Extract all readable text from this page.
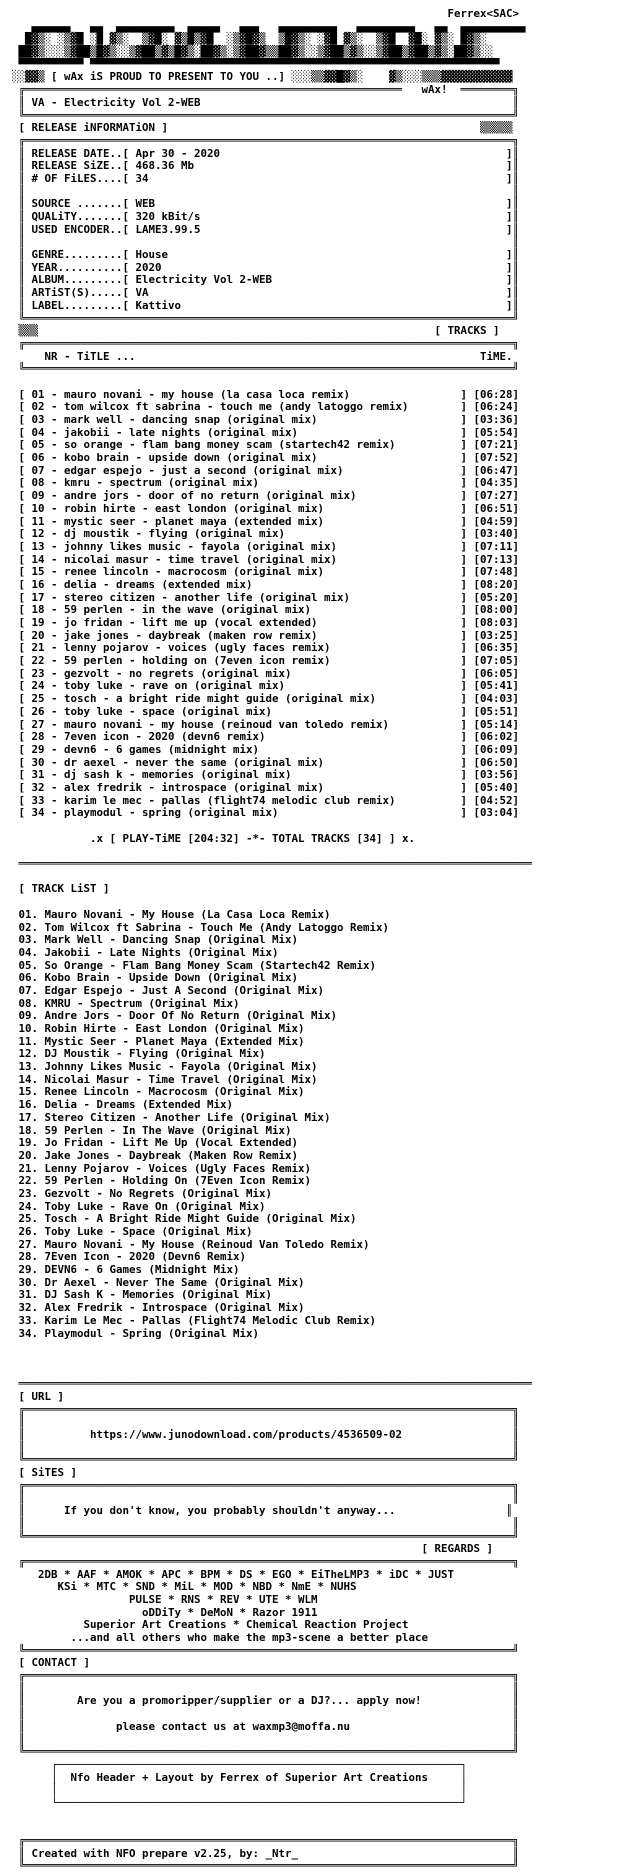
Ferrex<SAC>
▄▄▄▄▄▄   ▄▄  ▄▄▄▄▄▄▄▄▄  ▄▄▄▄▄   ▄▄▄   ▄▄▄▄▄▄▄▄▄   ▄▄▄▄▄▄▄▄▄   ▄▄  ▄▄▄▄▄▄▄▄▄▄
█▓▒░ ░▒▓█ ░█ ▓▒░  ▒▓█░ ▓▒█▒▓█  ░▒▓█▓▒  ▒█▓▒░ ░▓█ ▓▒░  ▒▓█  ▓█░ ▓▒░ █▓▒░
██▓▒░░░▒▓██▒█▓▒░░▒▓██▒▓▒█▓▒░██▓▒░▒▓██▓▒▒██▓▒░░▒▓██▒▓▒░░▒▓██▒▓██▒▓▒░██▓▒░░
▀▀▀▀▀▀▀▀▀▀ ▀▀▀▀▀▀▀▀▀▀▀▀▀▀▀▀▀▀▀▀▀▀▀▀▀▀▀▀▀▀▀▀▀▀▀▀▀▀▀▀▀▀▀▀▀▀▀▀▀▀▀▀▀▀▀▀▀▀▀▀▀▀▀
░░▓▓▒ [ wAx iS PROUD TO PRESENT TO YOU ..] ░░░▒▒▓▓█▓▒░    ▓▒░░░▒▒▒▓▓▓▓▓▓▓▓▓▓▓
╔══════════════════════════════════════════════════════════   wAx!  ════════╗
║ VA - Electricity Vol 2-WEB                                                ║
╚═══════════════════════════════════════════════════════════════════════════╝
[ RELEASE iNFORMATiON ]                                                ▒▒▒▒▒
╔═══════════════════════════════════════════════════════════════════════════╗
║ RELEASE DATE..[ Apr 30 - 2020                                            ]║
║ RELEASE SiZE..[ 468.36 Mb                                                ]║
║ # OF FiLES....[ 34                                                       ]║
║                                                                           ║
║ SOURCE .......[ WEB                                                      ]║
║ QUALiTY.......[ 320 kBit/s                                               ]║
║ USED ENCODER..[ LAME3.99.5                                               ]║
║                                                                           ║
║ GENRE.........[ House                                                    ]║
║ YEAR..........[ 2020                                                     ]║
║ ALBUM.........[ Electricity Vol 2-WEB                                    ]║
║ ARTiST(S).....[ VA                                                       ]║
║ LABEL.........[ Kattivo                                                  ]║
╚═══════════════════════════════════════════════════════════════════════════╝
▒▒▒                                                             [ TRACKS ]
╔═══════════════════════════════════════════════════════════════════════════╗
NR - TiTLE ...                                                     TiME.
╚═══════════════════════════════════════════════════════════════════════════╝

[ 01 - mauro novani - my house (la casa loca remix)                 ] [06:28]
[ 02 - tom wilcox ft sabrina - touch me (andy latoggo remix)        ] [06:24]
[ 03 - mark well - dancing snap (original mix)                      ] [03:36]
[ 04 - jakobii - late nights (original mix)                         ] [05:54]
[ 05 - so orange - flam bang money scam (startech42 remix)          ] [07:21]
[ 06 - kobo brain - upside down (original mix)                      ] [07:52]
[ 07 - edgar espejo - just a second (original mix)                  ] [06:47]
[ 08 - kmru - spectrum (original mix)                               ] [04:35]
[ 09 - andre jors - door of no return (original mix)                ] [07:27]
[ 10 - robin hirte - east london (original mix)                     ] [06:51]
[ 11 - mystic seer - planet maya (extended mix)                     ] [04:59]
[ 12 - dj moustik - flying (original mix)                           ] [03:40]
[ 13 - johnny likes music - fayola (original mix)                   ] [07:11]
[ 14 - nicolai masur - time travel (original mix)                   ] [07:13]
[ 15 - renee lincoln - macrocosm (original mix)                     ] [07:48]
[ 16 - delia - dreams (extended mix)                                ] [08:20]
[ 17 - stereo citizen - another life (original mix)                 ] [05:20]
[ 18 - 59 perlen - in the wave (original mix)                       ] [08:00]
[ 19 - jo fridan - lift me up (vocal extended)                      ] [08:03]
[ 20 - jake jones - daybreak (maken row remix)                      ] [03:25]
[ 21 - lenny pojarov - voices (ugly faces remix)                    ] [06:35]
[ 22 - 59 perlen - holding on (7even icon remix)                    ] [07:05]
[ 23 - gezvolt - no regrets (original mix)                          ] [06:05]
[ 24 - toby luke - rave on (original mix)                           ] [05:41]
[ 25 - tosch - a bright ride might guide (original mix)             ] [04:03]
[ 26 - toby luke - space (original mix)                             ] [05:51]
[ 27 - mauro novani - my house (reinoud van toledo remix)           ] [05:14]
[ 28 - 7even icon - 2020 (devn6 remix)                              ] [06:02]
[ 29 - devn6 - 6 games (midnight mix)                               ] [06:09]
[ 30 - dr aexel - never the same (original mix)                     ] [06:50]
[ 31 - dj sash k - memories (original mix)                          ] [03:56]
[ 32 - alex fredrik - introspace (original mix)                     ] [05:40]
[ 33 - karim le mec - pallas (flight74 melodic club remix)          ] [04:52]
[ 34 - playmodul - spring (original mix)                            ] [03:04]

.x [ PLAY-TiME [204:32] -*- TOTAL TRACKS [34] ] x.

═══════════════════════════════════════════════════════════════════════════════

[ TRACK LiST ]

01. Mauro Novani - My House (La Casa Loca Remix)
02. Tom Wilcox ft Sabrina - Touch Me (Andy Latoggo Remix)
03. Mark Well - Dancing Snap (Original Mix)
04. Jakobii - Late Nights (Original Mix)
05. So Orange - Flam Bang Money Scam (Startech42 Remix)
06. Kobo Brain - Upside Down (Original Mix)
07. Edgar Espejo - Just A Second (Original Mix)
08. KMRU - Spectrum (Original Mix)
09. Andre Jors - Door Of No Return (Original Mix)
10. Robin Hirte - East London (Original Mix)
11. Mystic Seer - Planet Maya (Extended Mix)
12. DJ Moustik - Flying (Original Mix)
13. Johnny Likes Music - Fayola (Original Mix)
14. Nicolai Masur - Time Travel (Original Mix)
15. Renee Lincoln - Macrocosm (Original Mix)
16. Delia - Dreams (Extended Mix)
17. Stereo Citizen - Another Life (Original Mix)
18. 59 Perlen - In The Wave (Original Mix)
19. Jo Fridan - Lift Me Up (Vocal Extended)
20. Jake Jones - Daybreak (Maken Row Remix)
21. Lenny Pojarov - Voices (Ugly Faces Remix)
22. 59 Perlen - Holding On (7Even Icon Remix)
23. Gezvolt - No Regrets (Original Mix)
24. Toby Luke - Rave On (Original Mix)
25. Tosch - A Bright Ride Might Guide (Original Mix)
26. Toby Luke - Space (Original Mix)
27. Mauro Novani - My House (Reinoud Van Toledo Remix)
28. 7Even Icon - 2020 (Devn6 Remix)
29. DEVN6 - 6 Games (Midnight Mix)
30. Dr Aexel - Never The Same (Original Mix)
31. DJ Sash K - Memories (Original Mix)
32. Alex Fredrik - Introspace (Original Mix)
33. Karim Le Mec - Pallas (Flight74 Melodic Club Remix)
34. Playmodul - Spring (Original Mix)

═══════════════════════════════════════════════════════════════════════════════
[ URL ]
╔═══════════════════════════════════════════════════════════════════════════╗
║                                                                           ║
║          https://www.junodownload.com/products/4536509-02                 ║
║                                                                           ║
╚═══════════════════════════════════════════════════════════════════════════╝
[ SiTES ]
╔═══════════════════════════════════════════════════════════════════════════╗
║                                                                           ║
║      If you don't know, you probably shouldn't anyway...                 ║
║                                                                           ║
╚═══════════════════════════════════════════════════════════════════════════╝
[ REGARDS ]
╔═══════════════════════════════════════════════════════════════════════════╗
2DB * AAF * AMOK * APC * BPM * DS * EGO * EiTheLMP3 * iDC * JUST
KSi * MTC * SND * MiL * MOD * NBD * NmE * NUHS
PULSE * RNS * REV * UTE * WLM
oDDiTy * DeMoN * Razor 1911
Superior Art Creations * Chemical Reaction Project
...and all others who make the mp3-scene a better place
╚═══════════════════════════════════════════════════════════════════════════╝
[ CONTACT ]
╔═══════════════════════════════════════════════════════════════════════════╗
║                                                                           ║
║        Are you a promoripper/supplier or a DJ?... apply now!              ║
║                                                                           ║
║              please contact us at waxmp3@moffa.nu                         ║
║                                                                           ║
╚═══════════════════════════════════════════════════════════════════════════╝
┌──────────────────────────────────────────────────────────────┐
│  Nfo Header + Layout by Ferrex of Superior Art Creations     │
│                                                              │
└──────────────────────────────────────────────────────────────┘

╔═══════════════════════════════════════════════════════════════════════════╗
║ Created with NFO prepare v2.25, by: _Ntr_                                 ║
╚═══════════════════════════════════════════════════════════════════════════╝
